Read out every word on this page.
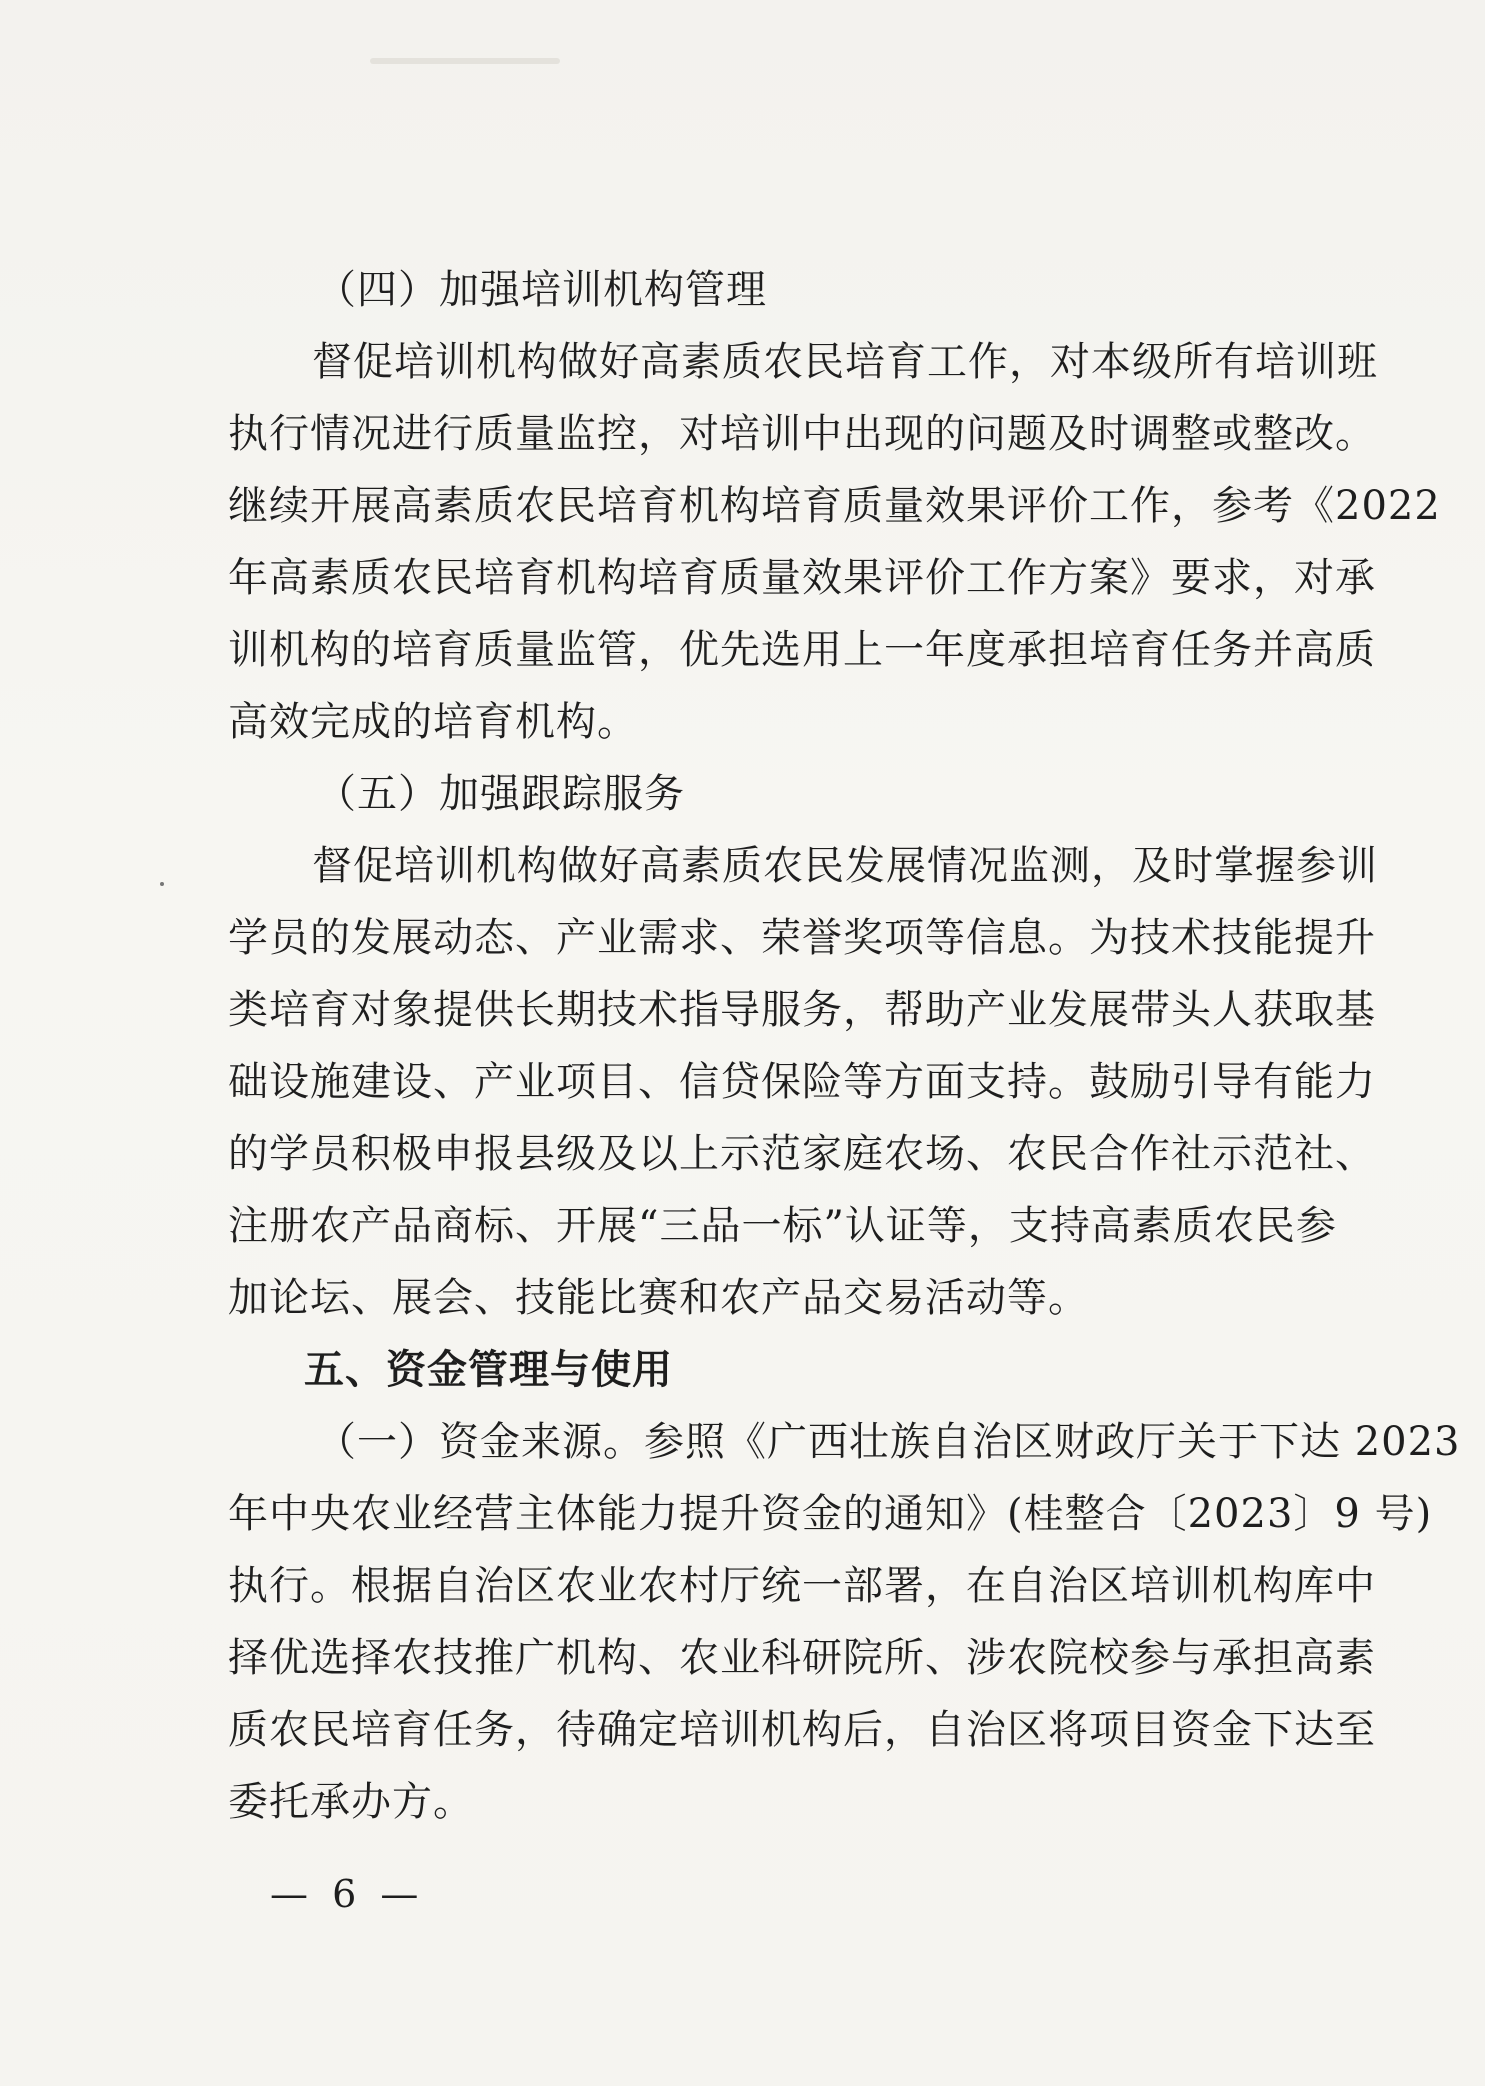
（四）加强培训机构管理
督促培训机构做好高素质农民培育工作，对本级所有培训班
执行情况进行质量监控，对培训中出现的问题及时调整或整改。
继续开展高素质农民培育机构培育质量效果评价工作，参考《2022
年高素质农民培育机构培育质量效果评价工作方案》要求，对承
训机构的培育质量监管，优先选用上一年度承担培育任务并高质
高效完成的培育机构。
（五）加强跟踪服务
督促培训机构做好高素质农民发展情况监测，及时掌握参训
学员的发展动态、产业需求、荣誉奖项等信息。为技术技能提升
类培育对象提供长期技术指导服务，帮助产业发展带头人获取基
础设施建设、产业项目、信贷保险等方面支持。鼓励引导有能力
的学员积极申报县级及以上示范家庭农场、农民合作社示范社、
注册农产品商标、开展“三品一标”认证等，支持高素质农民参
加论坛、展会、技能比赛和农产品交易活动等。
五、资金管理与使用
（一）资金来源。参照《广西壮族自治区财政厅关于下达 2023
年中央农业经营主体能力提升资金的通知》(桂整合〔2023〕9 号)
执行。根据自治区农业农村厅统一部署，在自治区培训机构库中
择优选择农技推广机构、农业科研院所、涉农院校参与承担高素
质农民培育任务，待确定培训机构后，自治区将项目资金下达至
委托承办方。
— 6 —
